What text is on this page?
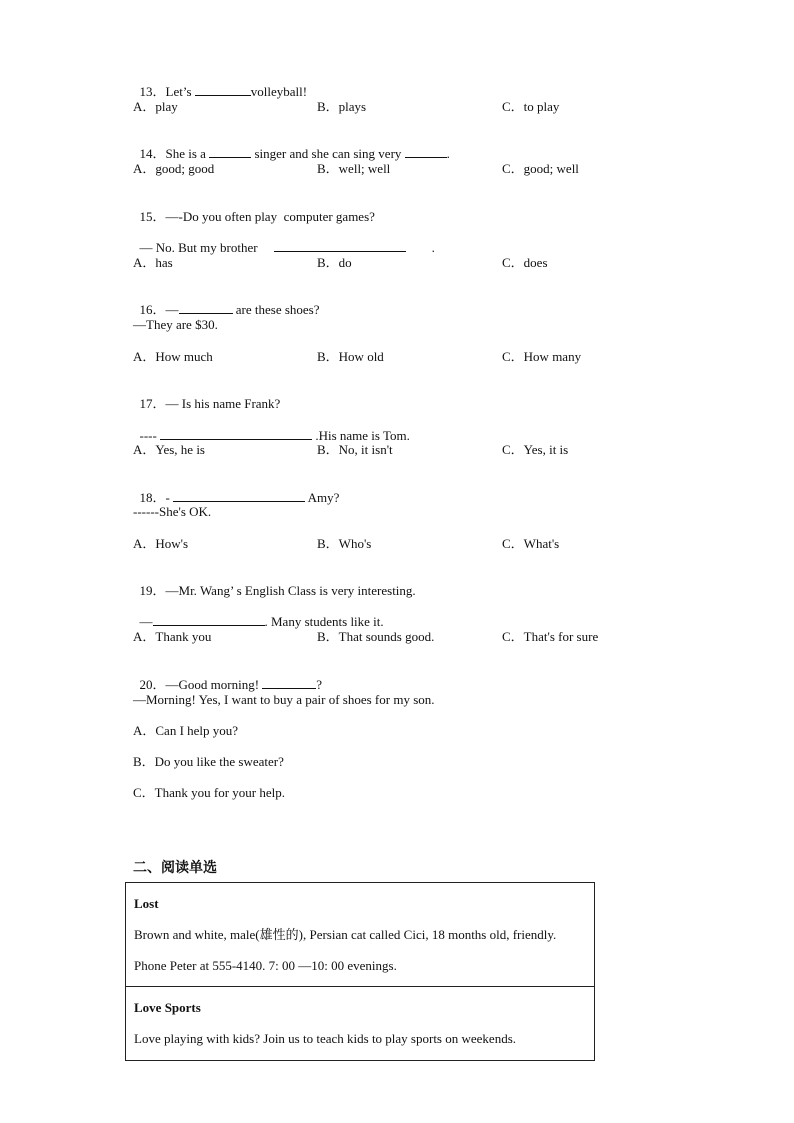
13．Let’s	volleyball!

A．play	B．plays	C．to play

14．She is a	singer and she can sing very	.

A．good; good	B．well; well	C．good; well

15．—-Do you often play  computer games?

— No. But my brother	.

A．has	B．do	C．does

16．—	are these shoes?

—They are $30.
A．How much	B．How old	C．How many

17．— Is his name Frank?

----	.His name is Tom.

A．Yes, he is	B．No, it isn't	C．Yes, it is

18．-	Amy?

------She's OK.
A．How's	B．Who's	C．What's

19．—Mr. Wang’ s English Class is very interesting.

—	. Many students like it.

A．Thank you	B．That sounds good.	C．That's for sure

20．—Good morning!	?

—Morning! Yes, I want to buy a pair of shoes for my son.
A．Can I help you?
B．Do you like the sweater?
C．Thank you for your help.
二、阅读单选
Lost
Brown and white, male(雄性的), Persian cat called Cici, 18 months old, friendly.
Phone Peter at 555-4140. 7: 00 —10: 00 evenings.
Love Sports
Love playing with kids? Join us to teach kids to play sports on weekends.
